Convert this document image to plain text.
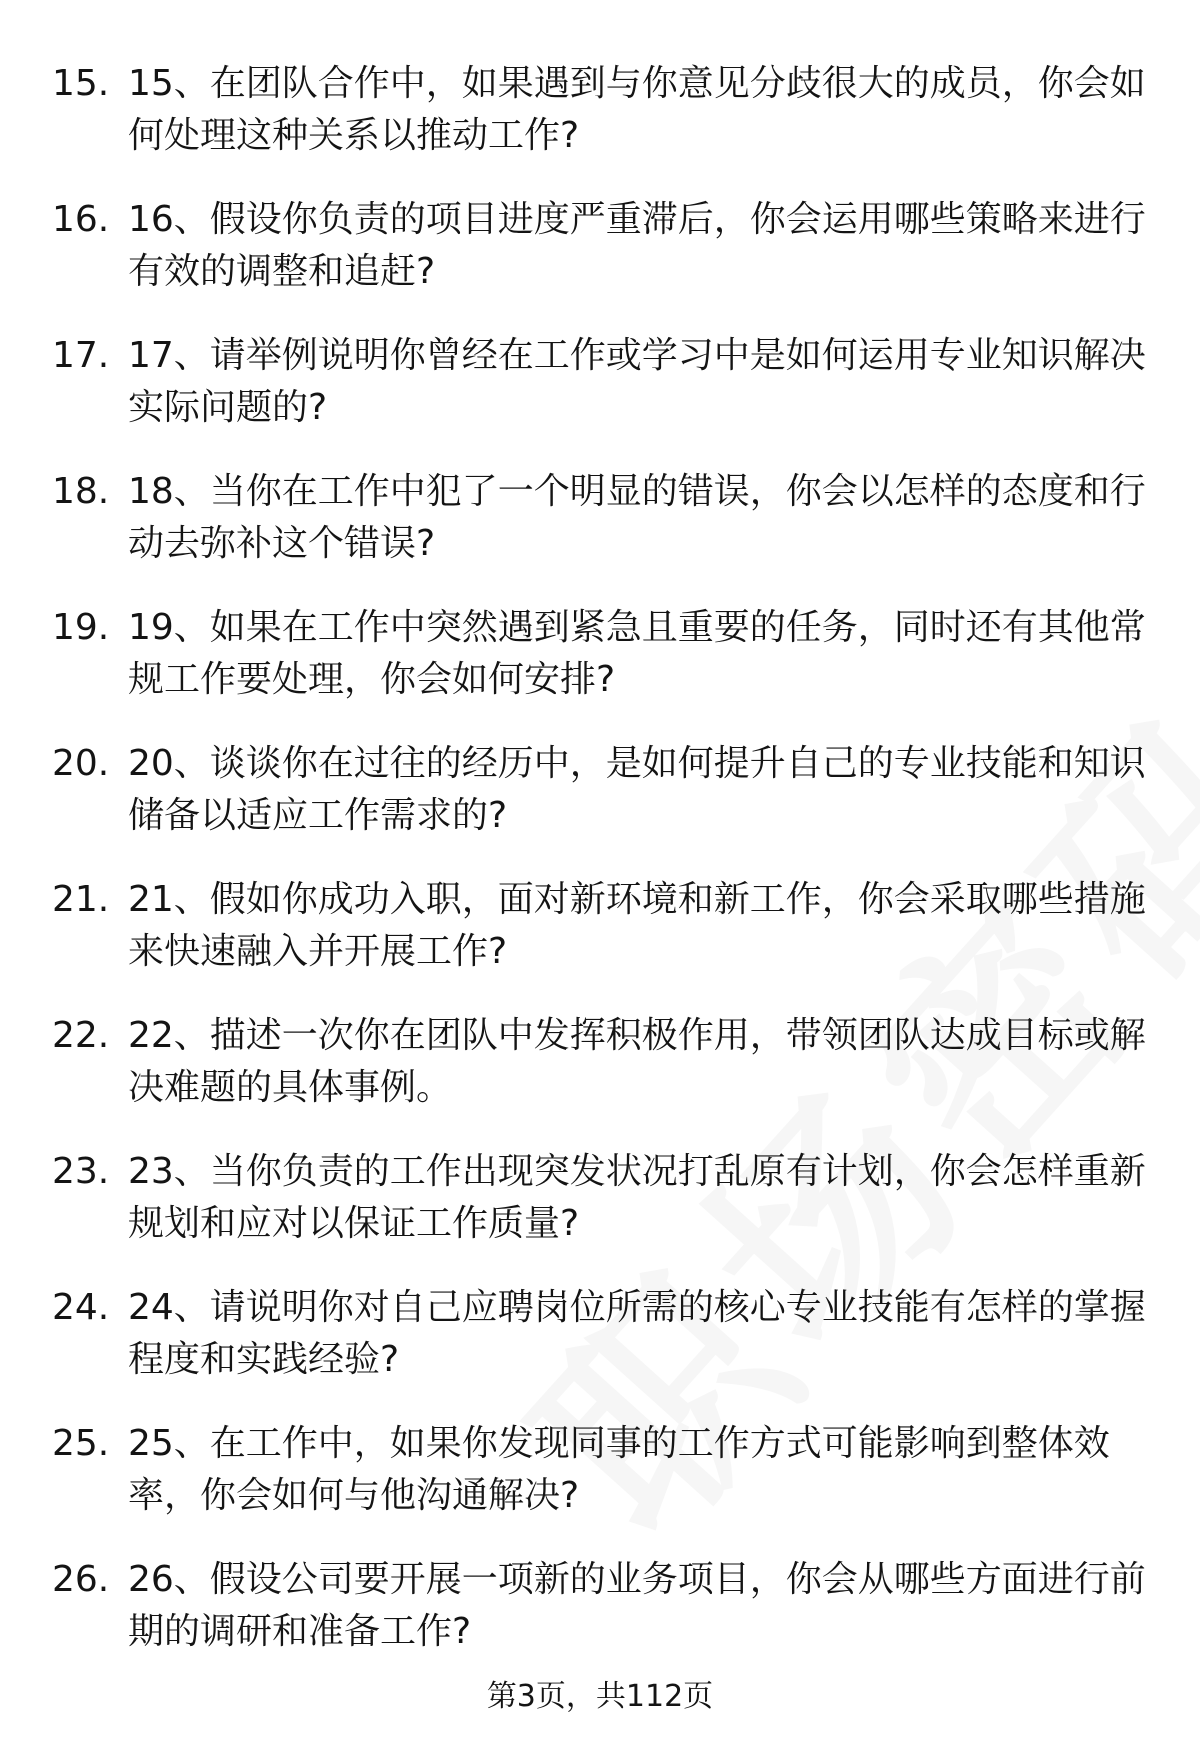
15. 15、在团队合作中，如果遇到与你意见分歧很大的成员，你会如何处理这种关系以推动工作?
16. 16、假设你负责的项目进度严重滞后，你会运用哪些策略来进行有效的调整和追赶?
17. 17、请举例说明你曾经在工作或学习中是如何运用专业知识解决实际问题的?
18. 18、当你在工作中犯了一个明显的错误，你会以怎样的态度和行动去弥补这个错误?
19. 19、如果在工作中突然遇到紧急且重要的任务，同时还有其他常规工作要处理，你会如何安排?
20. 20、谈谈你在过往的经历中，是如何提升自己的专业技能和知识储备以适应工作需求的?
21. 21、假如你成功入职，面对新环境和新工作，你会采取哪些措施来快速融入并开展工作?
22. 22、描述一次你在团队中发挥积极作用，带领团队达成目标或解决难题的具体事例。
23. 23、当你负责的工作出现突发状况打乱原有计划，你会怎样重新规划和应对以保证工作质量?
24. 24、请说明你对自己应聘岗位所需的核心专业技能有怎样的掌握程度和实践经验?
25. 25、在工作中，如果你发现同事的工作方式可能影响到整体效率，你会如何与他沟通解决?
26. 26、假设公司要开展一项新的业务项目，你会从哪些方面进行前期的调研和准备工作?
第3页，共112页
